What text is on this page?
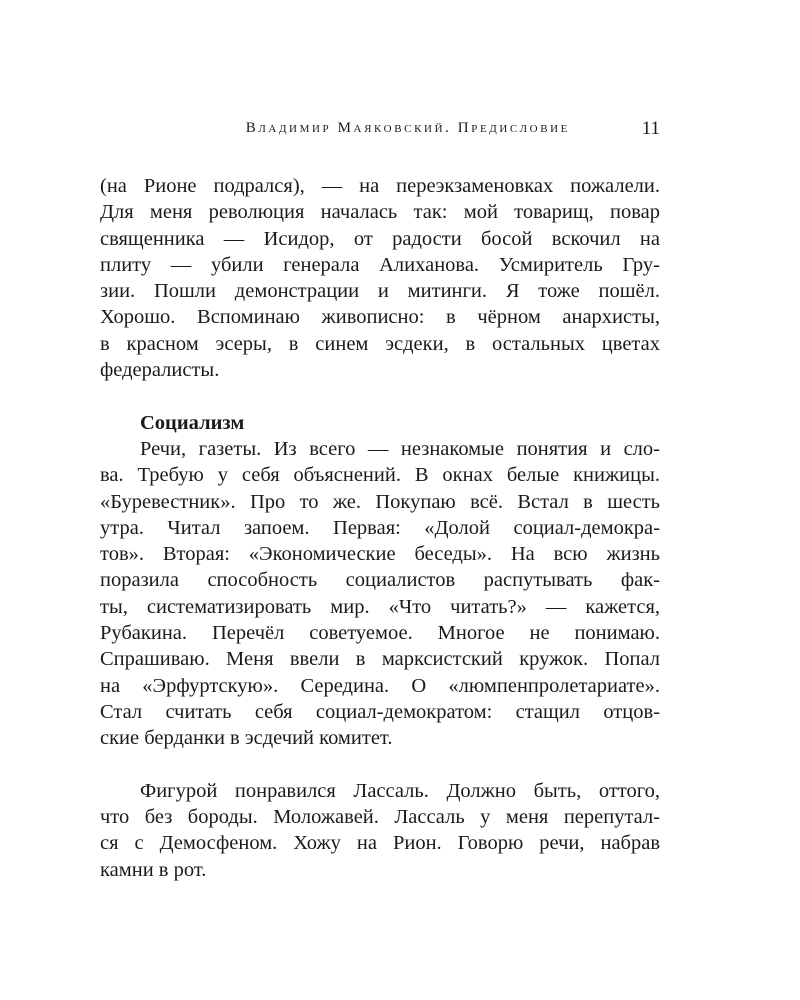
Владимир Маяковский. Предисловие	11
(на Рионе подрался), — на переэкзаменовках пожалели.
Для меня революция началась так: мой товарищ, повар
священника — Исидор, от радости босой вскочил на
плиту — убили генерала Алиханова. Усмиритель Гру-
зии. Пошли демонстрации и митинги. Я тоже пошёл.
Хорошо. Вспоминаю живописно: в чёрном анархисты,
в красном эсеры, в синем эсдеки, в остальных цветах
федералисты.
Социализм
Речи, газеты. Из всего — незнакомые понятия и сло-
ва. Требую у себя объяснений. В окнах белые книжицы.
«Буревестник». Про то же. Покупаю всё. Встал в шесть
утра. Читал запоем. Первая: «Долой социал-демокра-
тов». Вторая: «Экономические беседы». На всю жизнь
поразила способность социалистов распутывать фак-
ты, систематизировать мир. «Что читать?» — кажется,
Рубакина. Перечёл советуемое. Многое не понимаю.
Спрашиваю. Меня ввели в марксистский кружок. Попал
на «Эрфуртскую». Середина. О «люмпенпролетариате».
Стал считать себя социал-демократом: стащил отцов-
ские берданки в эсдечий комитет.
Фигурой понравился Лассаль. Должно быть, оттого,
что без бороды. Моложавей. Лассаль у меня перепутал-
ся с Демосфеном. Хожу на Рион. Говорю речи, набрав
камни в рот.
